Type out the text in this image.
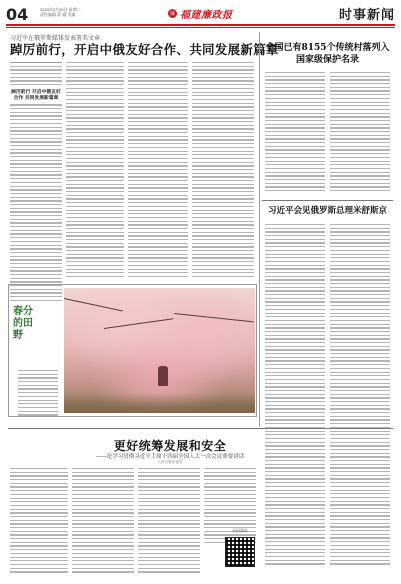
04	2023年3月28日 星期二
责任编辑 薛 瑜 美编	廉 福建廉政报	时事新闻
习近平在俄罗斯媒体发表署名文章
踔厉前行，开启中俄友好合作、共同发展新篇章
踔厉前行 开启中俄友好合作 共同发展新篇章
全国已有8155个传统村落列入国家级保护名录
习近平会见俄罗斯总理米舒斯京
春分的田野
更好统筹发展和安全
——论学习贯彻习近平主席十四届全国人大一次会议重要讲话
人民日报评论员
扫码阅读
